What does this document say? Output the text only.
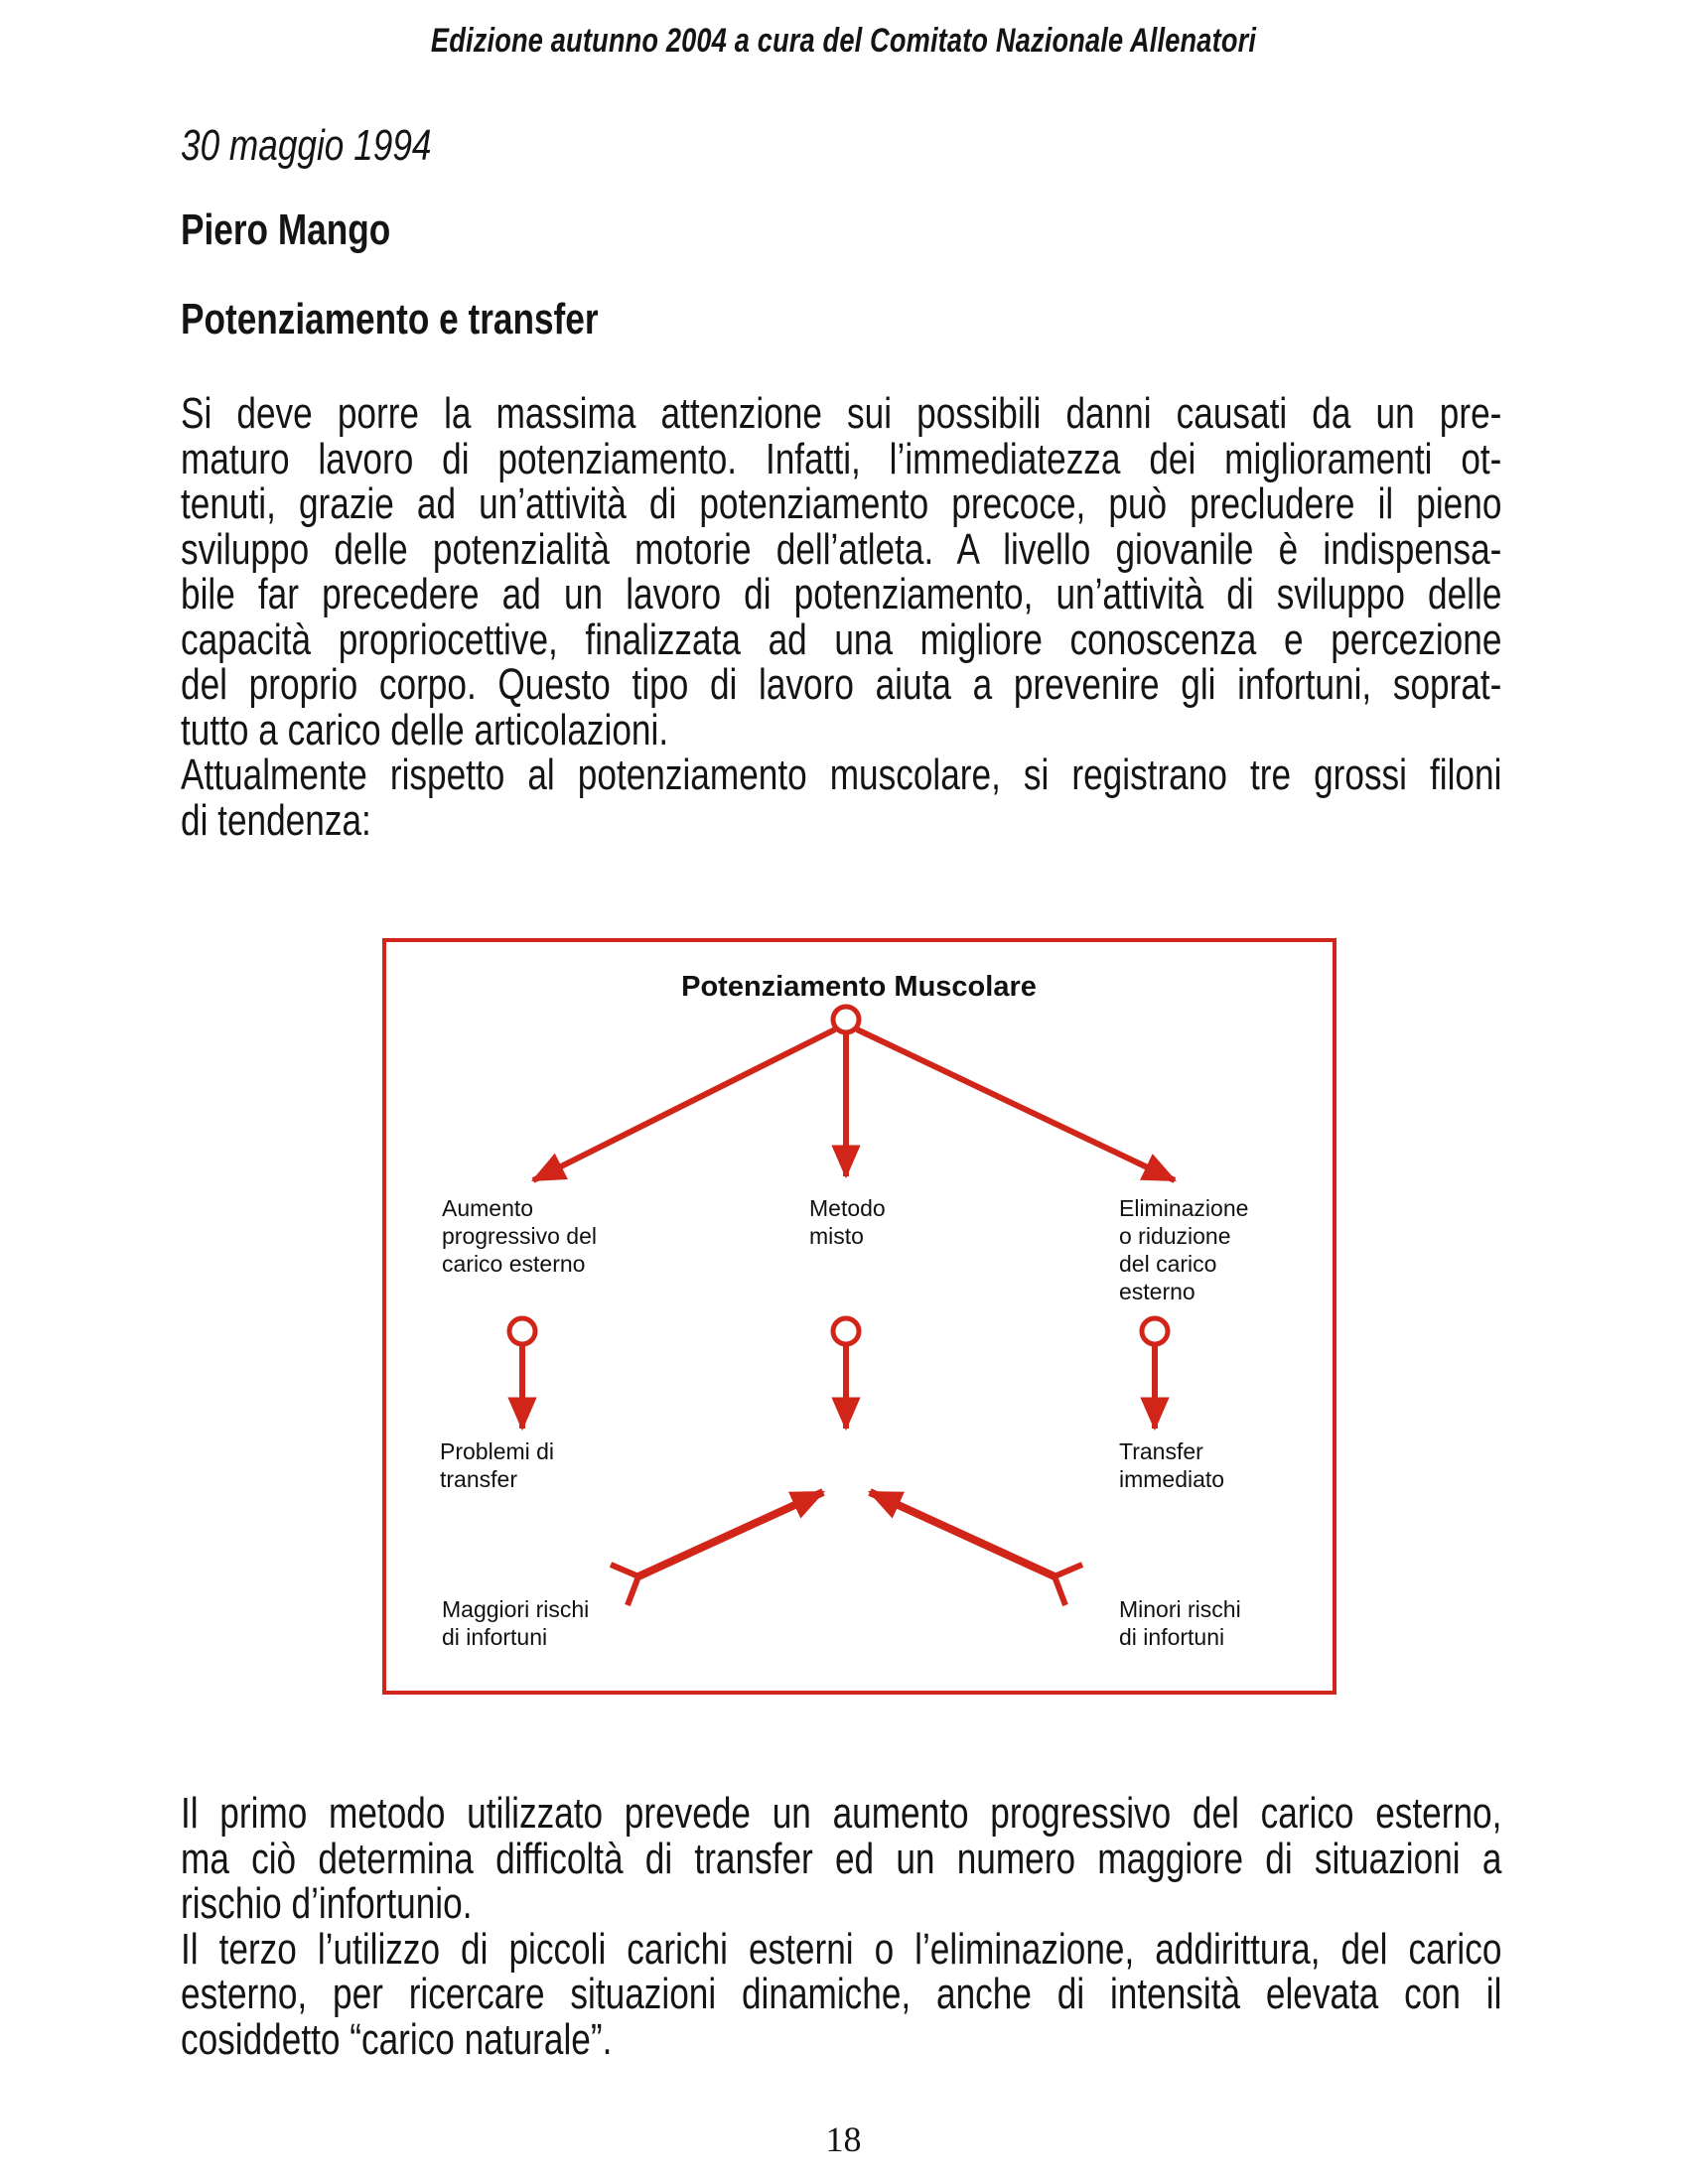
Edizione autunno 2004 a cura del Comitato Nazionale Allenatori
30 maggio 1994
Piero Mango
Potenziamento e transfer
Si deve porre la massima attenzione sui possibili danni causati da un pre-
maturo lavoro di potenziamento. Infatti, l’immediatezza dei miglioramenti ot-
tenuti, grazie ad un’attività di potenziamento precoce, può precludere il pieno
sviluppo delle potenzialità motorie dell’atleta. A livello giovanile è indispensa-
bile far precedere ad un lavoro di potenziamento, un’attività di sviluppo delle
capacità propriocettive, finalizzata ad una migliore conoscenza e percezione
del proprio corpo. Questo tipo di lavoro aiuta a prevenire gli infortuni, soprat-
tutto a carico delle articolazioni.
Attualmente rispetto al potenziamento muscolare, si registrano tre grossi filoni
di tendenza:
Potenziamento Muscolare
Aumento
progressivo del
carico esterno
Metodo
misto
Eliminazione
o riduzione
del carico
esterno
Problemi di
transfer
Transfer
immediato
Maggiori rischi
di infortuni
Minori rischi
di infortuni
Il primo metodo utilizzato prevede un aumento progressivo del carico esterno,
ma ciò determina difficoltà di transfer ed un numero maggiore di situazioni a
rischio d’infortunio.
Il terzo l’utilizzo di piccoli carichi esterni o l’eliminazione, addirittura, del carico
esterno, per ricercare situazioni dinamiche, anche di intensità elevata con il
cosiddetto “carico naturale”.
18
